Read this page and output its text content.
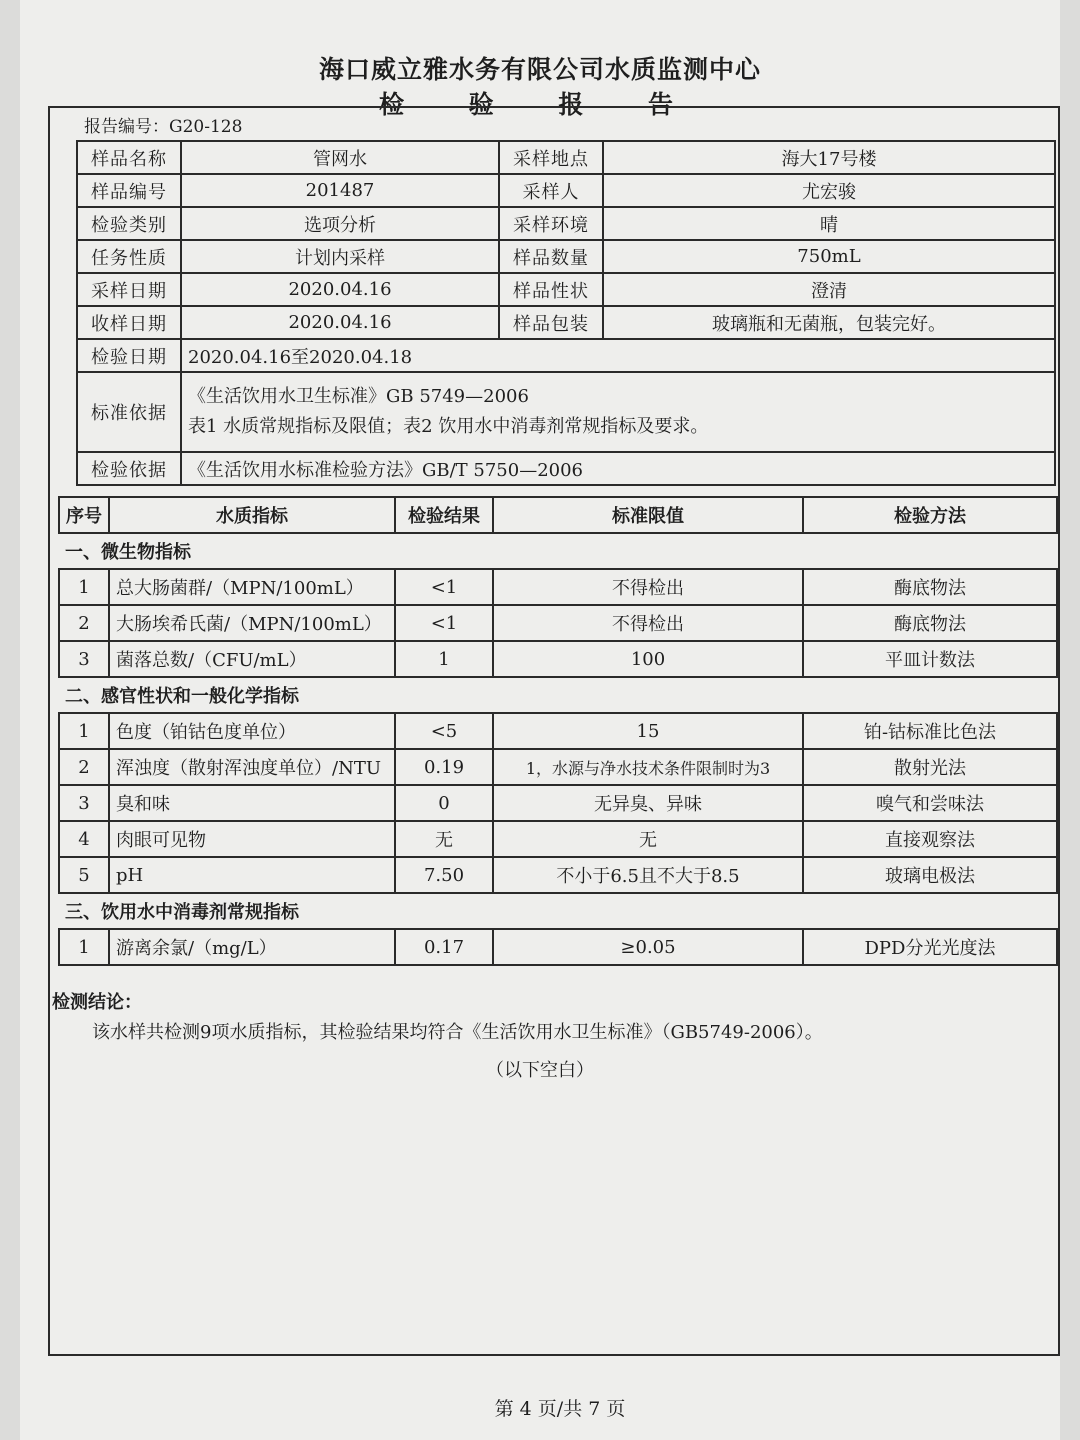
海口威立雅水务有限公司水质监测中心
检 验 报 告
报告编号：G20-128
样品名称	管网水	采样地点	海大17号楼
样品编号	201487	采样人	尤宏骏
检验类别	选项分析	采样环境	晴
任务性质	计划内采样	样品数量	750mL
采样日期	2020.04.16	样品性状	澄清
收样日期	2020.04.16	样品包装	玻璃瓶和无菌瓶，包装完好。
检验日期	2020.04.16至2020.04.18		
标准依据	《生活饮用水卫生标准》GB 5749—2006
表1 水质常规指标及限值；表2 饮用水中消毒剂常规指标及要求。		

检验依据	《生活饮用水标准检验方法》GB/T 5750—2006		
序号	水质指标	检验结果	标准限值	检验方法
一、微生物指标				
1	总大肠菌群/（MPN/100mL）	<1	不得检出	酶底物法
2	大肠埃希氏菌/（MPN/100mL）	<1	不得检出	酶底物法
3	菌落总数/（CFU/mL）	1	100	平皿计数法
二、感官性状和一般化学指标				
1	色度（铂钴色度单位）	<5	15	铂-钴标准比色法
2	浑浊度（散射浑浊度单位）/NTU	0.19	1，水源与净水技术条件限制时为3	散射光法
3	臭和味	0	无异臭、异味	嗅气和尝味法
4	肉眼可见物	无	无	直接观察法
5	pH	7.50	不小于6.5且不大于8.5	玻璃电极法
三、饮用水中消毒剂常规指标				
1	游离余氯/（mg/L）	0.17	≥0.05	DPD分光光度法
检测结论：
该水样共检测9项水质指标，其检验结果均符合《生活饮用水卫生标准》（GB5749-2006）。
（以下空白）
第 4 页/共 7 页
